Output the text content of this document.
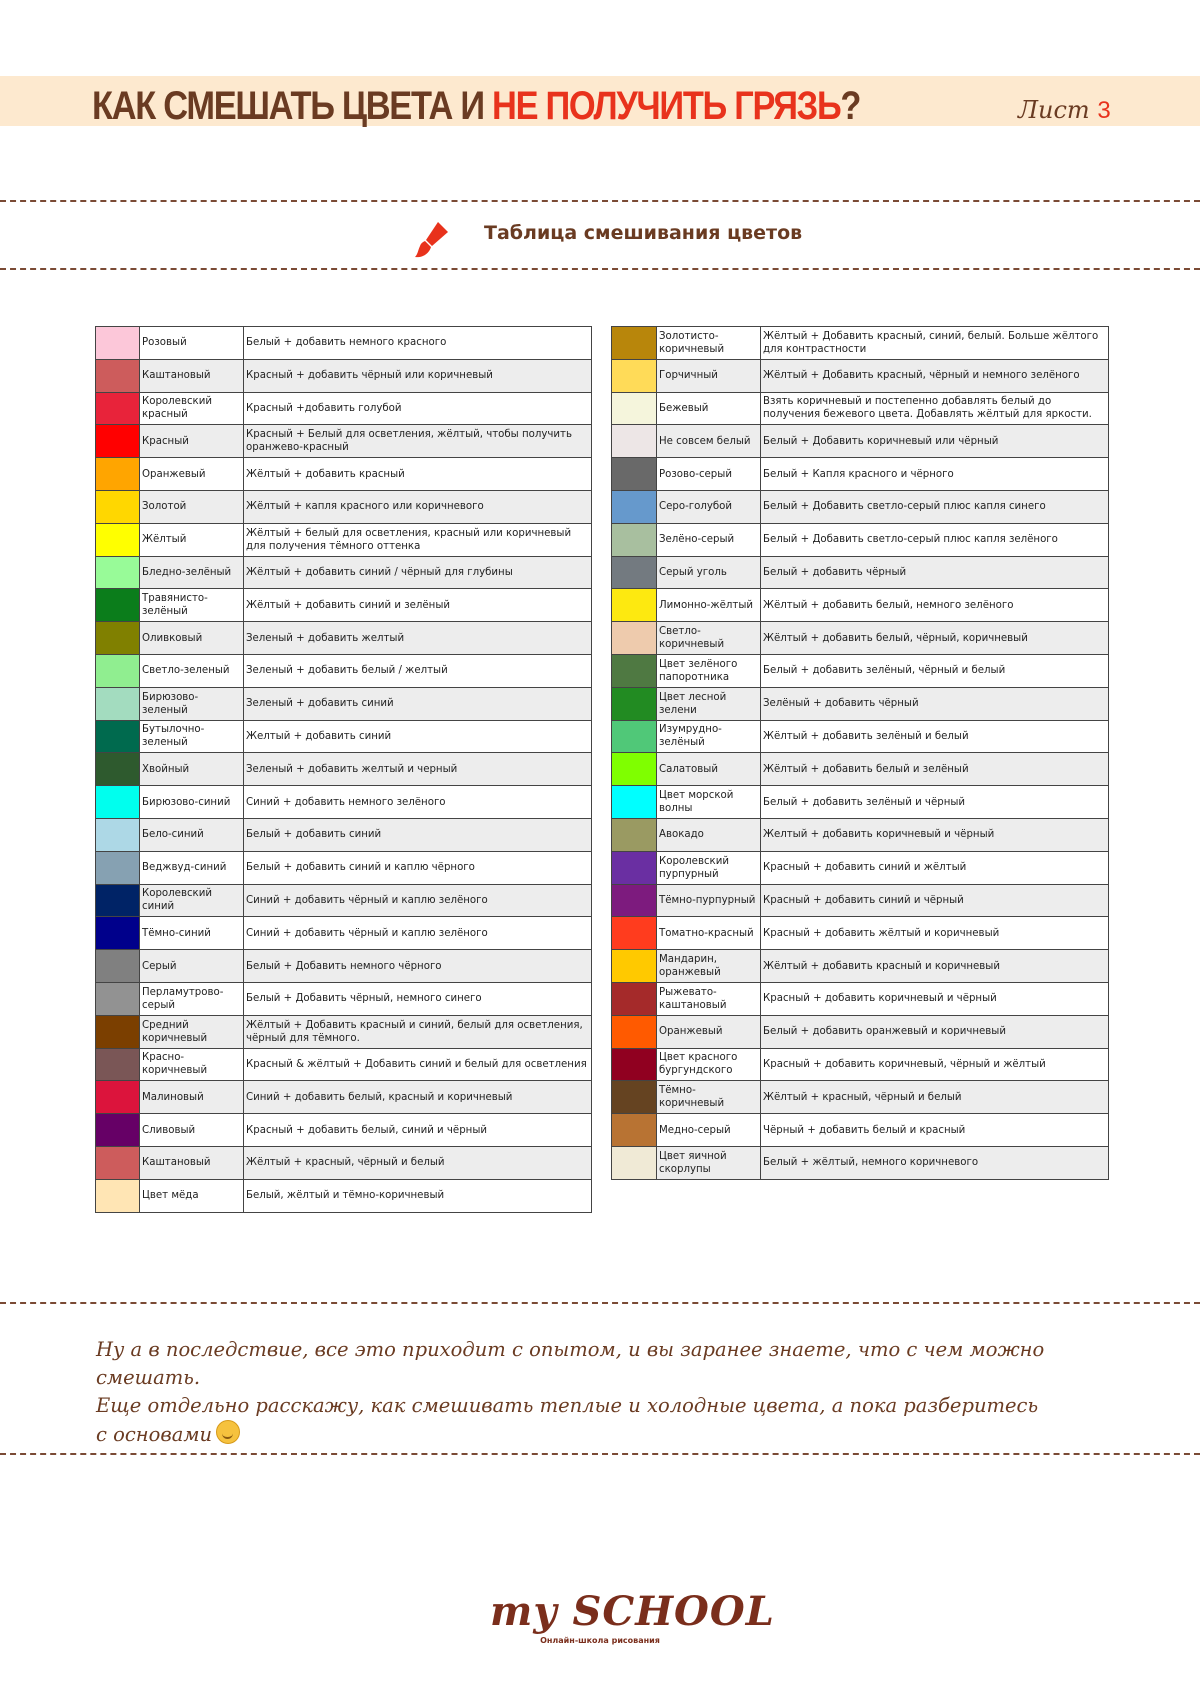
КАК СМЕШАТЬ ЦВЕТА И НЕ ПОЛУЧИТЬ ГРЯЗЬ?	Лист 3
Таблица смешивания цветов
	Розовый	Белый + добавить немного красного
	Каштановый	Красный + добавить чёрный или коричневый
	Королевский красный	Красный +добавить голубой
	Красный	Красный + Белый для осветления, жёлтый, чтобы получить оранжево-красный
	Оранжевый	Жёлтый + добавить красный
	Золотой	Жёлтый + капля красного или коричневого
	Жёлтый	Жёлтый + белый для осветления, красный или коричневый для получения тёмного оттенка
	Бледно-зелёный	Жёлтый + добавить синий / чёрный для глубины
	Травянисто-зелёный	Жёлтый + добавить синий и зелёный
	Оливковый	Зеленый + добавить желтый
	Светло-зеленый	Зеленый + добавить белый / желтый
	Бирюзово-зеленый	Зеленый + добавить синий
	Бутылочно-зеленый	Желтый + добавить синий
	Хвойный	Зеленый + добавить желтый и черный
	Бирюзово-синий	Синий + добавить немного зелёного
	Бело-синий	Белый + добавить синий
	Веджвуд-синий	Белый + добавить синий и каплю чёрного
	Королевский синий	Синий + добавить чёрный и каплю зелёного
	Тёмно-синий	Синий + добавить чёрный и каплю зелёного
	Серый	Белый + Добавить немного чёрного
	Перламутрово-серый	Белый + Добавить чёрный, немного синего
	Средний коричневый	Жёлтый + Добавить красный и синий, белый для осветления, чёрный для тёмного.
	Красно-коричневый	Красный & жёлтый + Добавить синий и белый для осветления
	Малиновый	Синий + добавить белый, красный и коричневый
	Сливовый	Красный + добавить белый, синий и чёрный
	Каштановый	Жёлтый + красный, чёрный и белый
	Цвет мёда	Белый, жёлтый и тёмно-коричневый
	Золотисто-коричневый	Жёлтый + Добавить красный, синий, белый. Больше жёлтого для контрастности
	Горчичный	Жёлтый + Добавить красный, чёрный и немного зелёного
	Бежевый	Взять коричневый и постепенно добавлять белый до получения бежевого цвета. Добавлять жёлтый для яркости.
	Не совсем белый	Белый + Добавить коричневый или чёрный
	Розово-серый	Белый + Капля красного и чёрного
	Серо-голубой	Белый + Добавить светло-серый плюс капля синего
	Зелёно-серый	Белый + Добавить светло-серый плюс капля зелёного
	Серый уголь	Белый + добавить чёрный
	Лимонно-жёлтый	Жёлтый + добавить белый, немного зелёного
	Светло-коричневый	Жёлтый + добавить белый, чёрный, коричневый
	Цвет зелёного папоротника	Белый + добавить зелёный, чёрный и белый
	Цвет лесной зелени	Зелёный + добавить чёрный
	Изумрудно-зелёный	Жёлтый + добавить зелёный и белый
	Салатовый	Жёлтый + добавить белый и зелёный
	Цвет морской волны	Белый + добавить зелёный и чёрный
	Авокадо	Желтый + добавить коричневый и чёрный
	Королевский пурпурный	Красный + добавить синий и жёлтый
	Тёмно-пурпурный	Красный + добавить синий и чёрный
	Томатно-красный	Красный + добавить жёлтый и коричневый
	Мандарин, оранжевый	Жёлтый + добавить красный и коричневый
	Рыжевато-каштановый	Красный + добавить коричневый и чёрный
	Оранжевый	Белый + добавить оранжевый и коричневый
	Цвет красного бургундского	Красный + добавить коричневый, чёрный и жёлтый
	Тёмно-коричневый	Жёлтый + красный, чёрный и белый
	Медно-серый	Чёрный + добавить белый и красный
	Цвет яичной скорлупы	Белый + жёлтый, немного коричневого
Ну а в последствие, все это приходит с опытом, и вы заранее знаете, что с чем можно смешать.
Еще отдельно расскажу, как смешивать теплые и холодные цвета, а пока разберитесь
с основами
my SCHOOL
Онлайн-школа рисования
